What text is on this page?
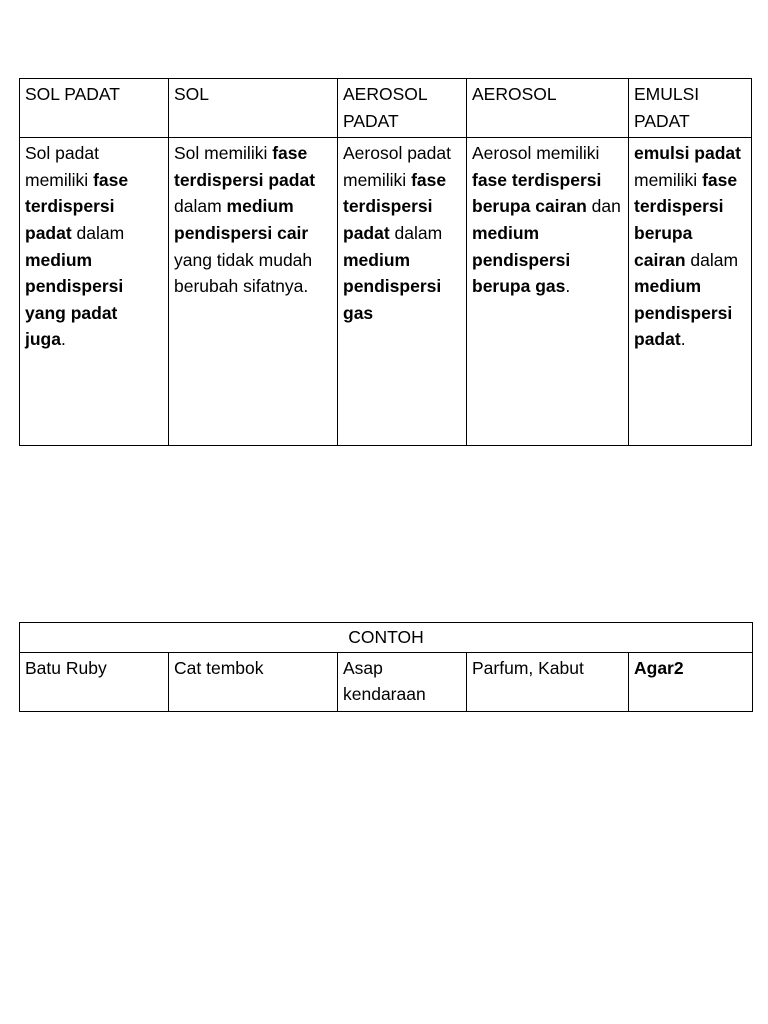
SOL PADAT	SOL	AEROSOL PADAT	AEROSOL	EMULSI PADAT
Sol padat memiliki fase terdispersi padat dalam medium pendispersi yang padat juga.	Sol memiliki fase terdispersi padat dalam medium pendispersi cair yang tidak mudah berubah sifatnya.	Aerosol padat memiliki fase terdispersi padat dalam medium pendispersi gas	Aerosol memiliki fase terdispersi berupa cairan dan medium pendispersi berupa gas.	emulsi padat memiliki fase terdispersi berupa cairan dalam medium pendispersi padat.
CONTOH
Batu Ruby	Cat tembok	Asap kendaraan	Parfum, Kabut	Agar2
